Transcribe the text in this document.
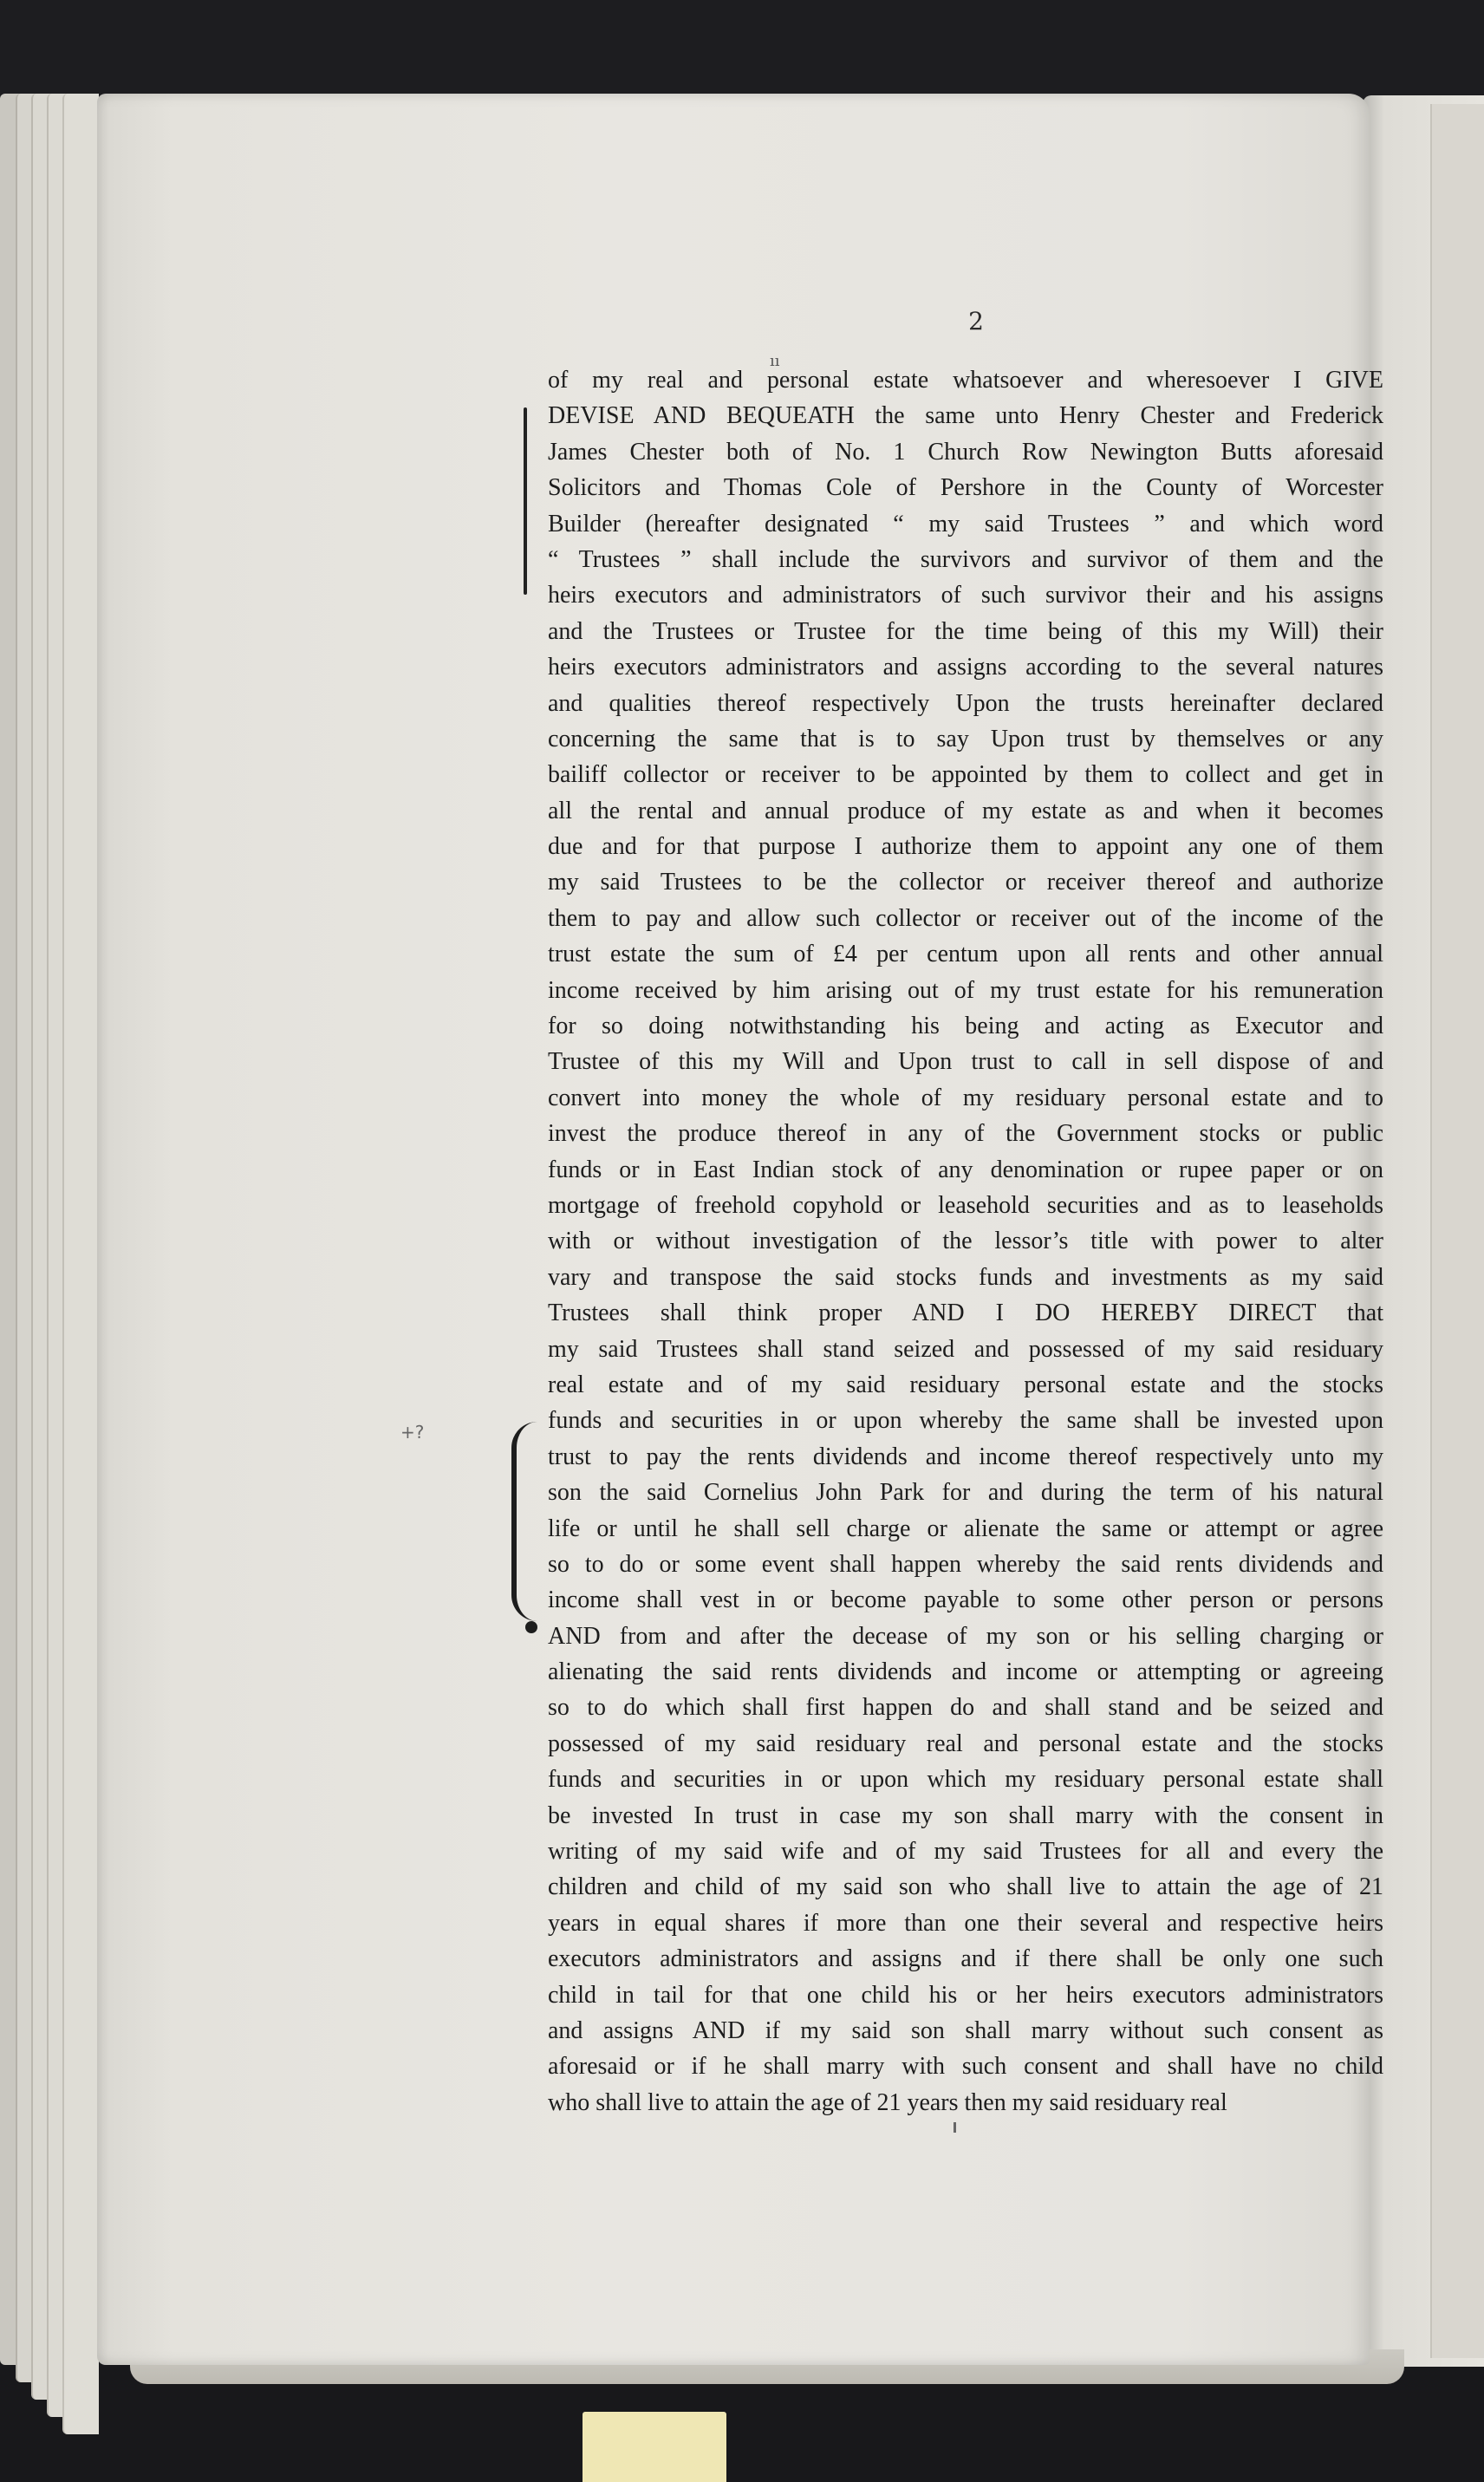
2
ıı
+?
of my real and personal estate whatsoever and wheresoever I GIVE
DEVISE AND BEQUEATH the same unto Henry Chester and Frederick
James Chester both of No. 1 Church Row Newington Butts aforesaid
Solicitors and Thomas Cole of Pershore in the County of Worcester
Builder (hereafter designated “ my said Trustees ” and which word
“ Trustees ” shall include the survivors and survivor of them and the
heirs executors and administrators of such survivor their and his assigns
and the Trustees or Trustee for the time being of this my Will) their
heirs executors administrators and assigns according to the several natures
and qualities thereof respectively Upon the trusts hereinafter declared
concerning the same that is to say Upon trust by themselves or any
bailiff collector or receiver to be appointed by them to collect and get in
all the rental and annual produce of my estate as and when it becomes
due and for that purpose I authorize them to appoint any one of them
my said Trustees to be the collector or receiver thereof and authorize
them to pay and allow such collector or receiver out of the income of the
trust estate the sum of £4 per centum upon all rents and other annual
income received by him arising out of my trust estate for his remuneration
for so doing notwithstanding his being and acting as Executor and
Trustee of this my Will and Upon trust to call in sell dispose of and
convert into money the whole of my residuary personal estate and to
invest the produce thereof in any of the Government stocks or public
funds or in East Indian stock of any denomination or rupee paper or on
mortgage of freehold copyhold or leasehold securities and as to leaseholds
with or without investigation of the lessor’s title with power to alter
vary and transpose the said stocks funds and investments as my said
Trustees shall think proper AND I DO HEREBY DIRECT that
my said Trustees shall stand seized and possessed of my said residuary
real estate and of my said residuary personal estate and the stocks
funds and securities in or upon whereby the same shall be invested upon
trust to pay the rents dividends and income thereof respectively unto my
son the said Cornelius John Park for and during the term of his natural
life or until he shall sell charge or alienate the same or attempt or agree
so to do or some event shall happen whereby the said rents dividends and
income shall vest in or become payable to some other person or persons
AND from and after the decease of my son or his selling charging or
alienating the said rents dividends and income or attempting or agreeing
so to do which shall first happen do and shall stand and be seized and
possessed of my said residuary real and personal estate and the stocks
funds and securities in or upon which my residuary personal estate shall
be invested In trust in case my son shall marry with the consent in
writing of my said wife and of my said Trustees for all and every the
children and child of my said son who shall live to attain the age of 21
years in equal shares if more than one their several and respective heirs
executors administrators and assigns and if there shall be only one such
child in tail for that one child his or her heirs executors administrators
and assigns AND if my said son shall marry without such consent as
aforesaid or if he shall marry with such consent and shall have no child
who shall live to attain the age of 21 years then my said residuary real
